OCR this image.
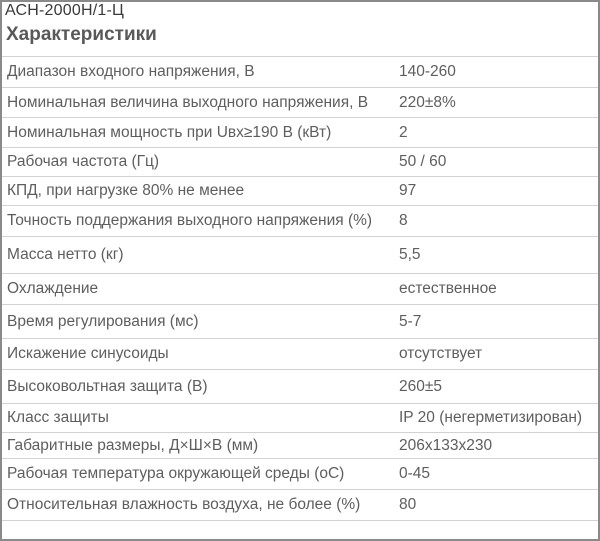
АСН-2000Н/1-Ц
Характеристики
Диапазон входного напряжения, В	140-260
Номинальная величина выходного напряжения, В 220±8%
Номинальная мощность при Uвх≥190 В (кВт)	2
Рабочая частота (Гц)	50 / 60
КПД, при нагрузке 80% не менее	97
Точность поддержания выходного напряжения (%) 8
Масса нетто (кг)	5,5
Охлаждение	естественное
Время регулирования (мс)	5-7
Искажение синусоиды	отсутствует
Высоковольтная защита (В)	260±5
Класс защиты	IP 20 (негерметизирован)
Габаритные размеры, Д×Ш×В (мм)	206x133x230
Рабочая температура окружающей среды (оС)	0-45
Относительная влажность воздуха, не более (%) 80
